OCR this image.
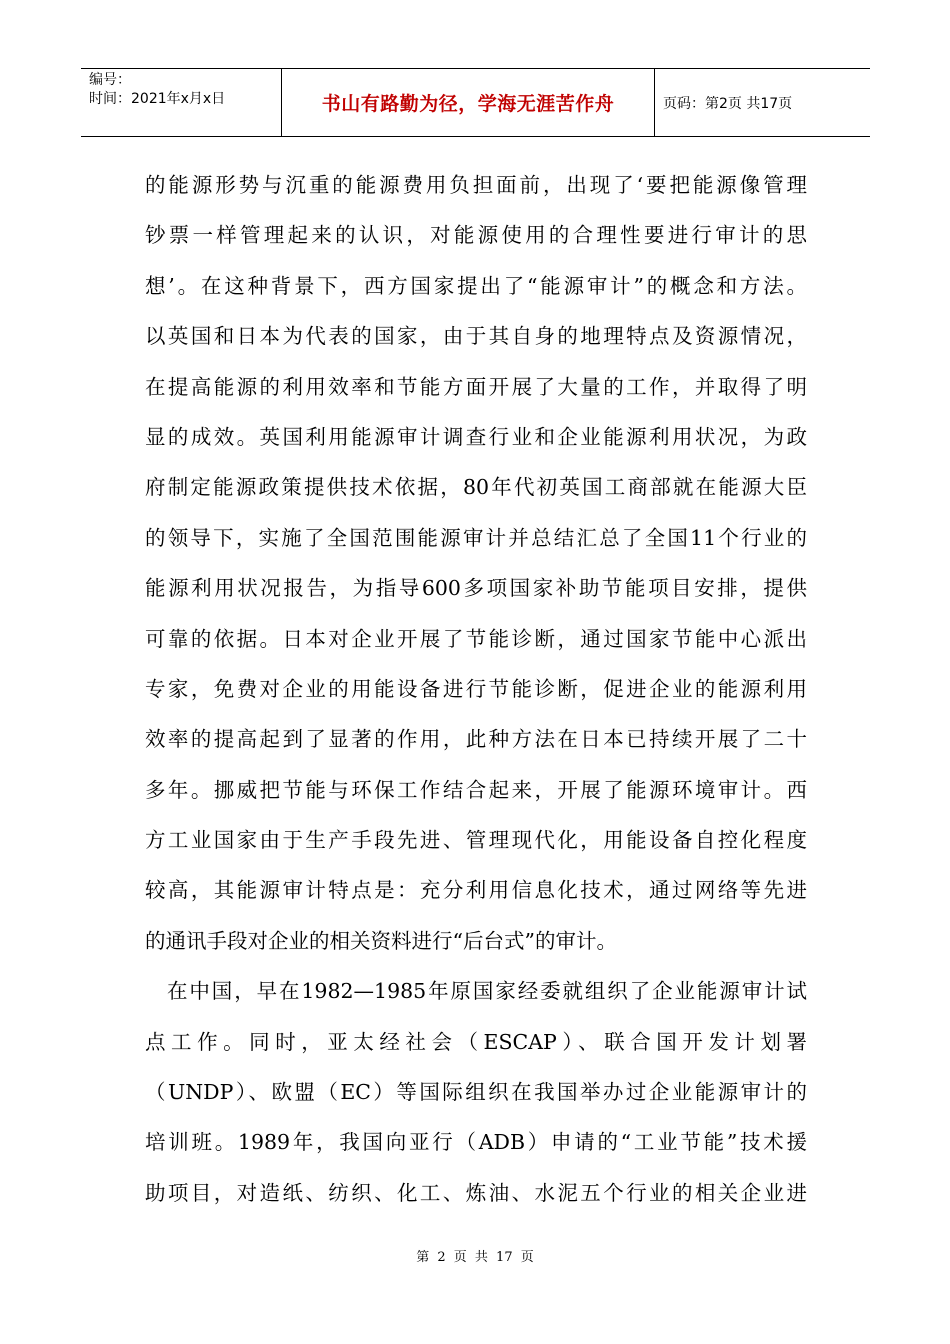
编号：
时间：2021年x月x日	书山有路勤为径，学海无涯苦作舟	页码：第2页 共17页
的能源形势与沉重的能源费用负担面前，出现了‘要把能源像管理
钞票一样管理起来的认识，对能源使用的合理性要进行审计的思
想’。在这种背景下，西方国家提出了“能源审计”的概念和方法。
以英国和日本为代表的国家，由于其自身的地理特点及资源情况，
在提高能源的利用效率和节能方面开展了大量的工作，并取得了明
显的成效。英国利用能源审计调查行业和企业能源利用状况，为政
府制定能源政策提供技术依据，80年代初英国工商部就在能源大臣
的领导下，实施了全国范围能源审计并总结汇总了全国11个行业的
能源利用状况报告，为指导600多项国家补助节能项目安排，提供
可靠的依据。日本对企业开展了节能诊断，通过国家节能中心派出
专家，免费对企业的用能设备进行节能诊断，促进企业的能源利用
效率的提高起到了显著的作用，此种方法在日本已持续开展了二十
多年。挪威把节能与环保工作结合起来，开展了能源环境审计。西
方工业国家由于生产手段先进、管理现代化，用能设备自控化程度
较高，其能源审计特点是：充分利用信息化技术，通过网络等先进
的通讯手段对企业的相关资料进行“后台式”的审计。
在中国，早在1982—1985年原国家经委就组织了企业能源审计试
点工作。同时，亚太经社会（ESCAP）、联合国开发计划署
（UNDP）、欧盟（EC）等国际组织在我国举办过企业能源审计的
培训班。1989年，我国向亚行（ADB）申请的“工业节能”技术援
助项目，对造纸、纺织、化工、炼油、水泥五个行业的相关企业进
第 2 页 共 17 页
